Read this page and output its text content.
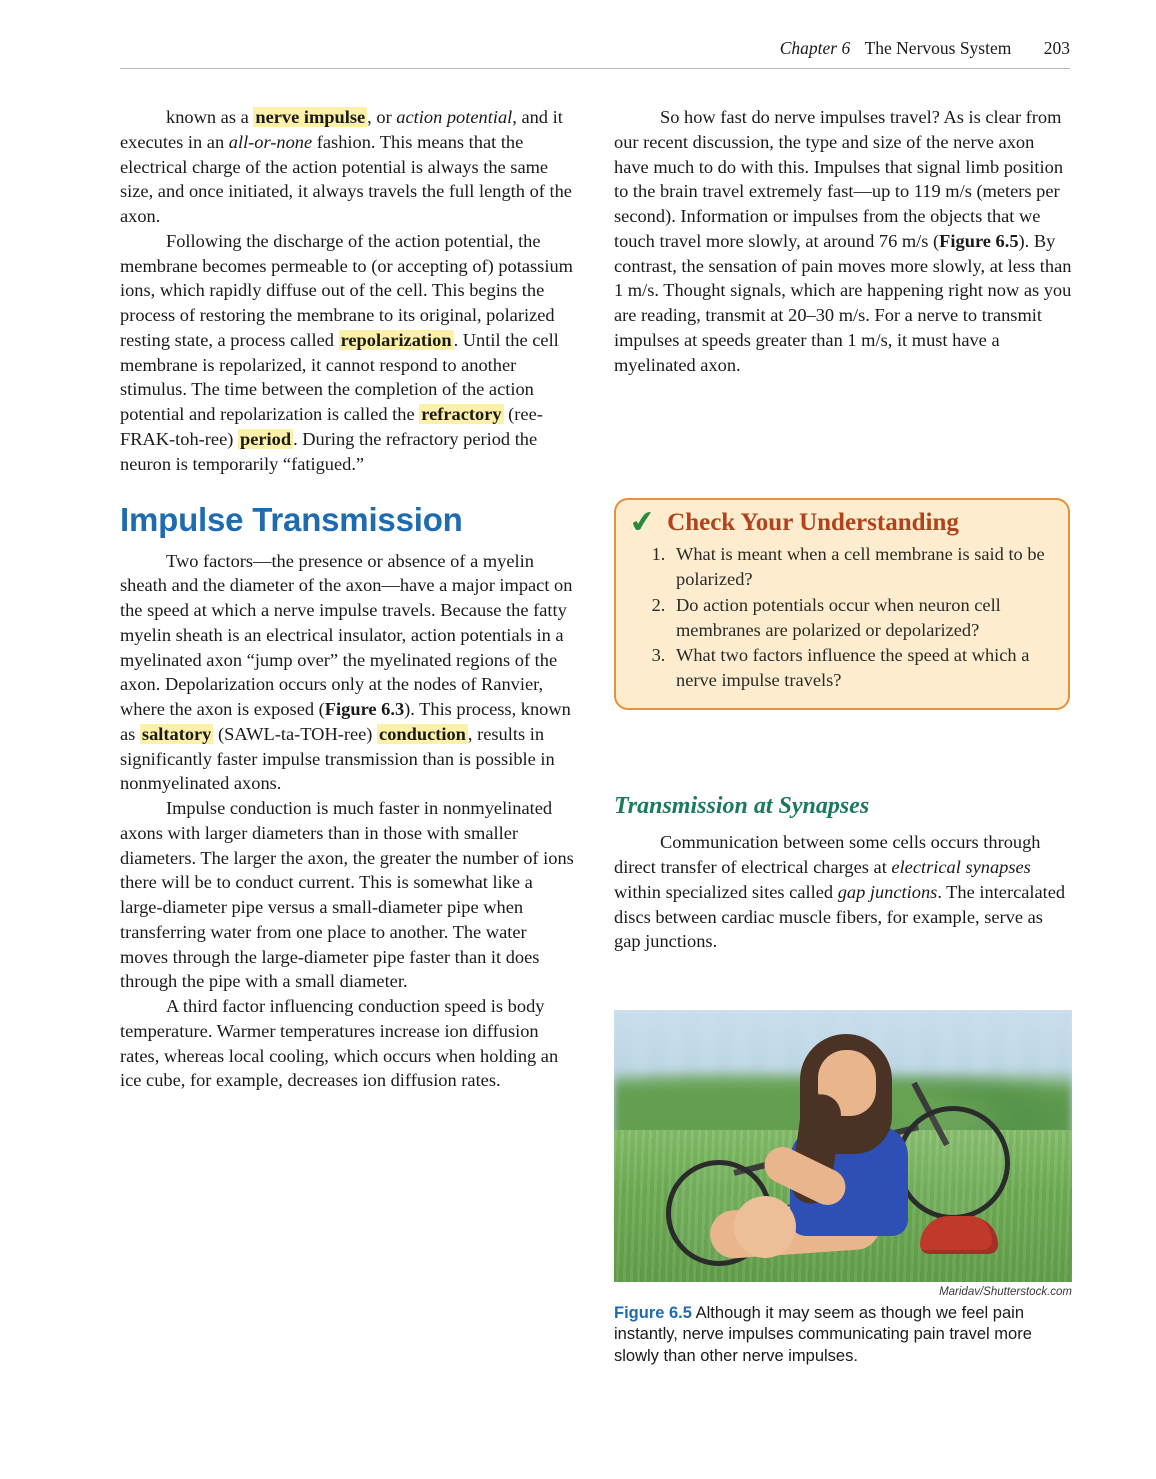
Chapter 6 The Nervous System 203

known as a nerve impulse , or action potential, and it executes in an all-or-none fashion. This means that the electrical charge of the action potential is always the same size, and once initiated, it always travels the full length of the axon.

Following the discharge of the action potential, the membrane becomes permeable to (or accepting of) potassium ions, which rapidly diffuse out of the cell. This begins the process of restoring the membrane to its original, polarized resting state, a process called repolarization . Until the cell membrane is repolarized, it cannot respond to another stimulus. The time between the completion of the action potential and repolarization is called the refractory (ree-FRAK-toh-ree) period . During the refractory period the neuron is temporarily “fatigued.”

Impulse Transmission

Two factors—the presence or absence of a myelin sheath and the diameter of the axon—have a major impact on the speed at which a nerve impulse travels. Because the fatty myelin sheath is an electrical insulator, action potentials in a myelinated axon “jump over” the myelinated regions of the axon. Depolarization occurs only at the nodes of Ranvier, where the axon is exposed (Figure 6.3). This process, known as saltatory (SAWL-ta-TOH-ree) conduction , results in significantly faster impulse transmission than is possible in nonmyelinated axons.

Impulse conduction is much faster in nonmyelinated axons with larger diameters than in those with smaller diameters. The larger the axon, the greater the number of ions there will be to conduct current. This is somewhat like a large-diameter pipe versus a small-diameter pipe when transferring water from one place to another. The water moves through the large-diameter pipe faster than it does through the pipe with a small diameter.

A third factor influencing conduction speed is body temperature. Warmer temperatures increase ion diffusion rates, whereas local cooling, which occurs when holding an ice cube, for example, decreases ion diffusion rates.

So how fast do nerve impulses travel? As is clear from our recent discussion, the type and size of the nerve axon have much to do with this. Impulses that signal limb position to the brain travel extremely fast—up to 119 m/s (meters per second). Information or impulses from the objects that we touch travel more slowly, at around 76 m/s (Figure 6.5). By contrast, the sensation of pain moves more slowly, at less than 1 m/s. Thought signals, which are happening right now as you are reading, transmit at 20–30 m/s. For a nerve to transmit impulses at speeds greater than 1 m/s, it must have a myelinated axon.

✔ Check Your Understanding
1. What is meant when a cell membrane is said to be polarized?
2. Do action potentials occur when neuron cell membranes are polarized or depolarized?
3. What two factors influence the speed at which a nerve impulse travels?
Transmission at Synapses

Communication between some cells occurs through direct transfer of electrical charges at electrical synapses within specialized sites called gap junctions. The intercalated discs between cardiac muscle fibers, for example, serve as gap junctions.

Maridav/Shutterstock.com
Figure 6.5 Although it may seem as though we feel pain instantly, nerve impulses communicating pain travel more slowly than other nerve impulses.
